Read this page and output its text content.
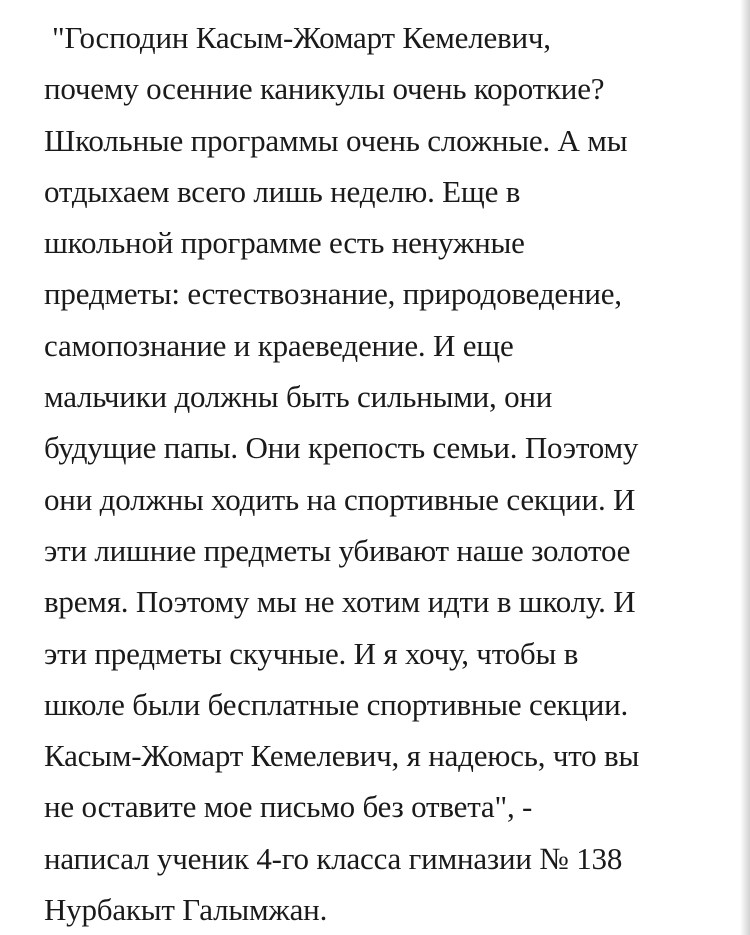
"Господин Касым-Жомарт Кемелевич,
почему осенние каникулы очень короткие?
Школьные программы очень сложные. А мы
отдыхаем всего лишь неделю. Еще в
школьной программе есть ненужные
предметы: естествознание, природоведение,
самопознание и краеведение. И еще
мальчики должны быть сильными, они
будущие папы. Они крепость семьи. Поэтому
они должны ходить на спортивные секции. И
эти лишние предметы убивают наше золотое
время. Поэтому мы не хотим идти в школу. И
эти предметы скучные. И я хочу, чтобы в
школе были бесплатные спортивные секции.
Касым-Жомарт Кемелевич, я надеюсь, что вы
не оставите мое письмо без ответа", -
написал ученик 4-го класса гимназии № 138
Нурбакыт Галымжан.
